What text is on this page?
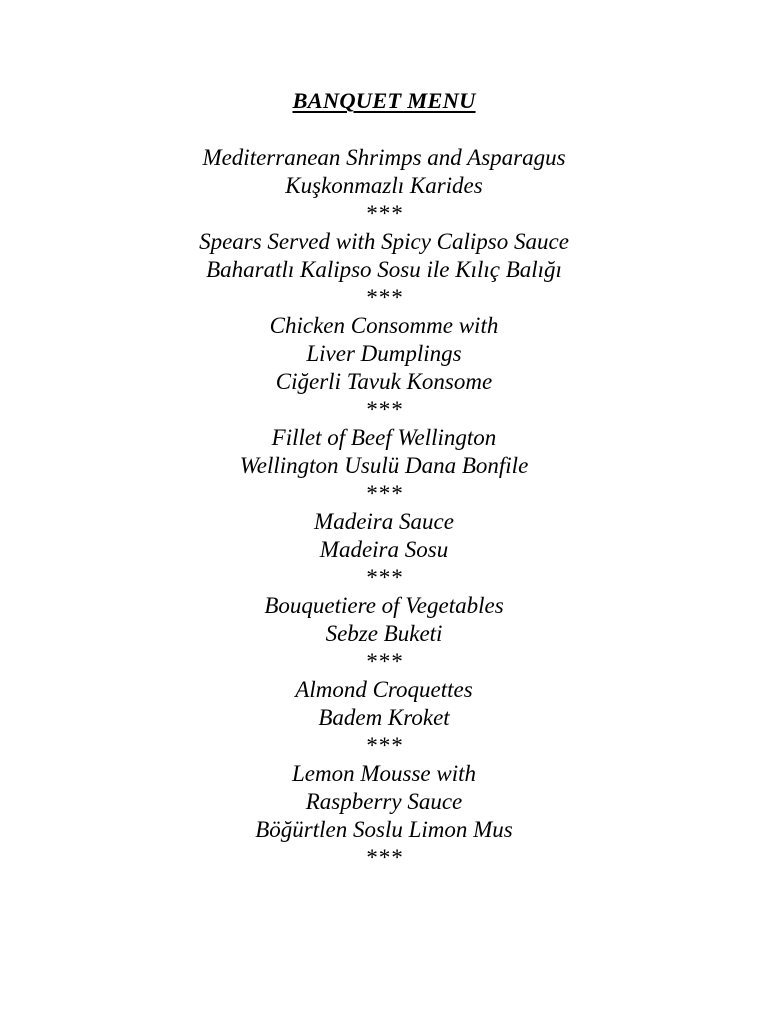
BANQUET MENU
Mediterranean Shrimps and Asparagus
Kuşkonmazlı Karides
***
Spears Served with Spicy Calipso Sauce
Baharatlı Kalipso Sosu ile Kılıç Balığı
***
Chicken Consomme with
Liver Dumplings
Ciğerli Tavuk Konsome
***
Fillet of Beef Wellington
Wellington Usulü Dana Bonfile
***
Madeira Sauce
Madeira Sosu
***
Bouquetiere of Vegetables
Sebze Buketi
***
Almond Croquettes
Badem Kroket
***
Lemon Mousse with
Raspberry Sauce
Böğürtlen Soslu Limon Mus
***
